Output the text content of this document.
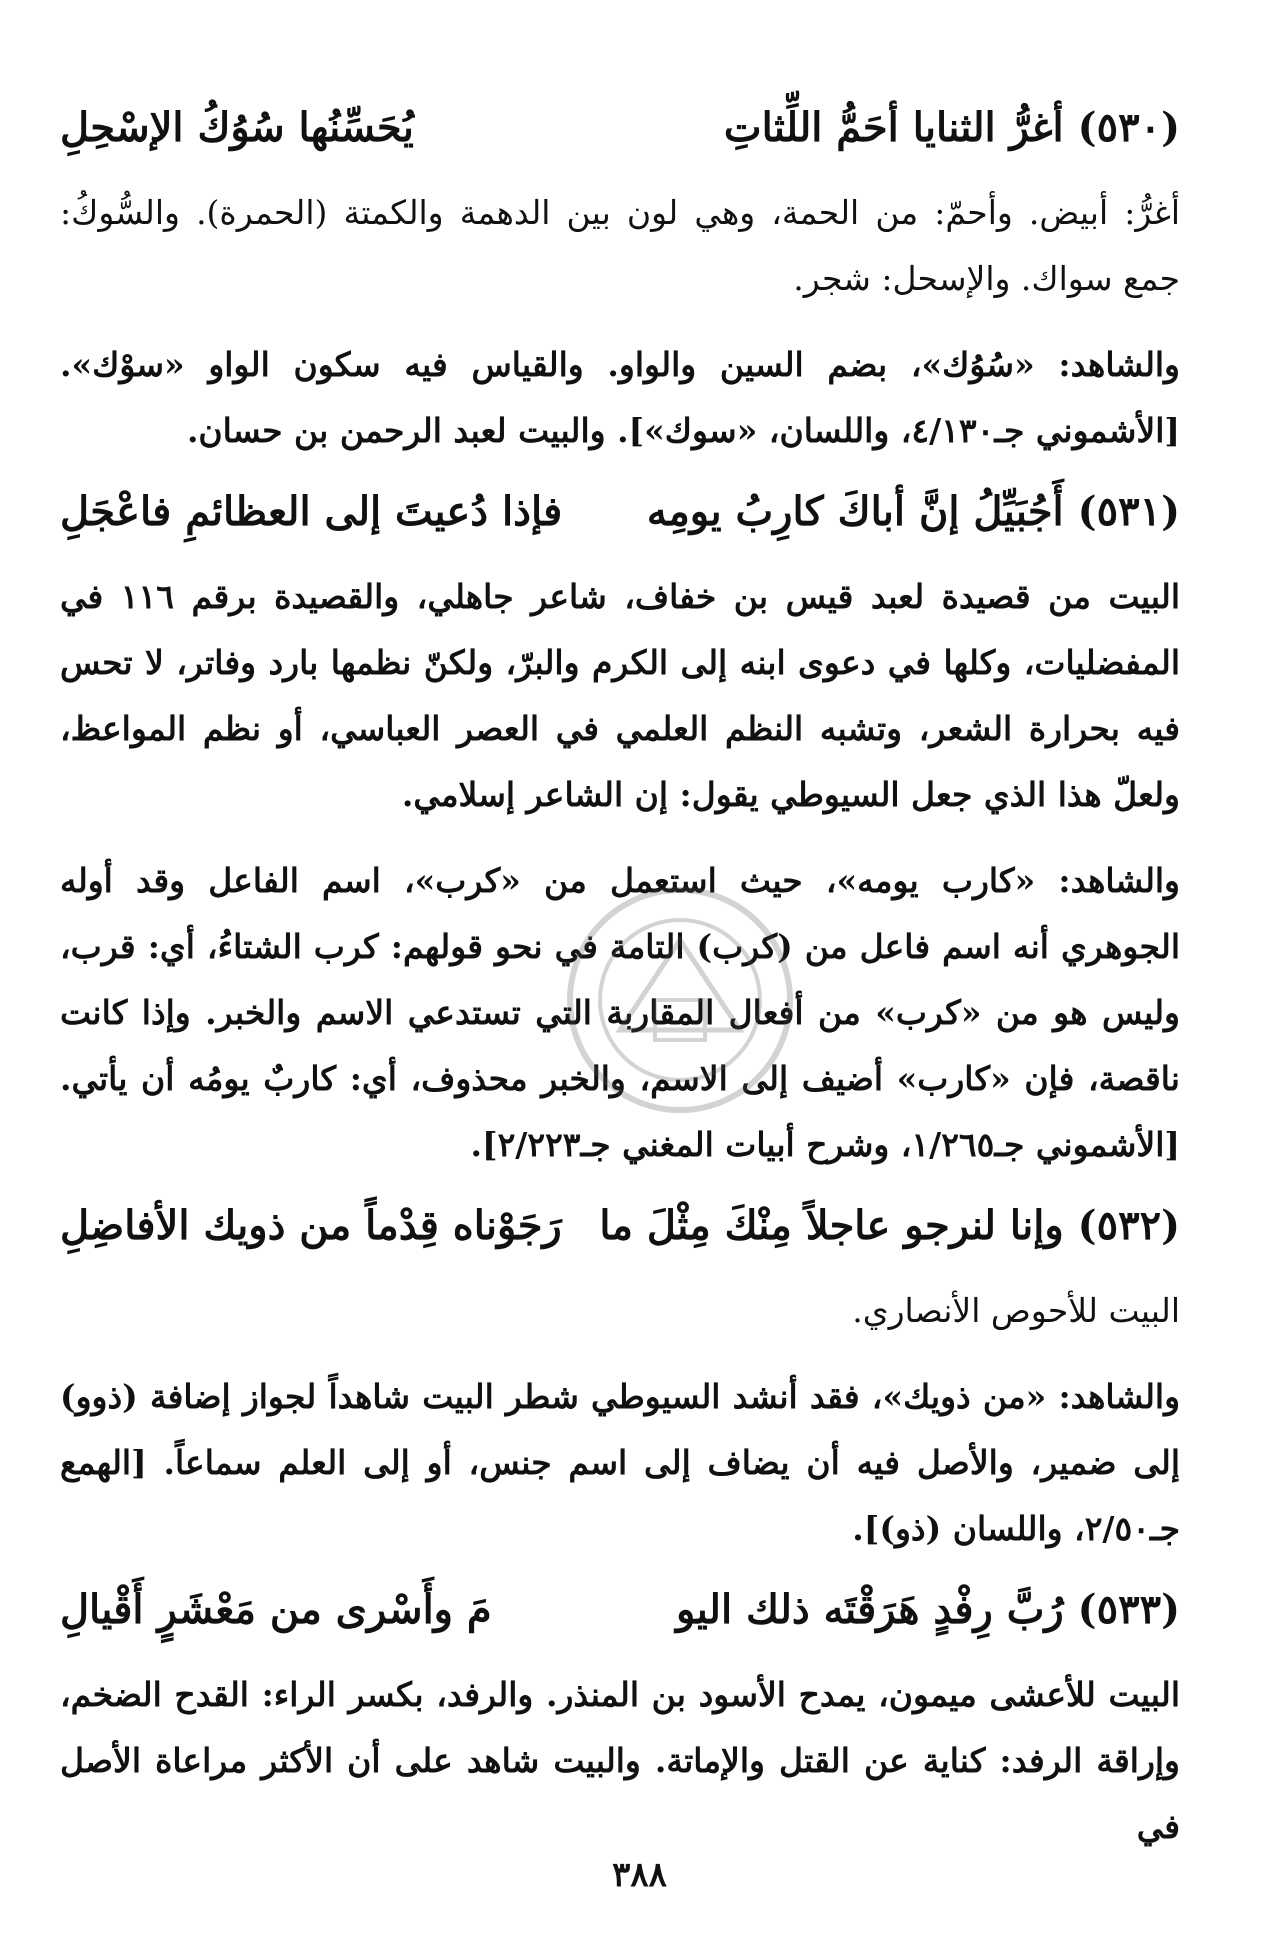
(٥٣٠)
أغرُّ الثنايا أحَمُّ اللِّثاتِ
يُحَسِّنُها سُوُكُ الإسْحِلِ

أغرُّ: أبيض. وأحمّ: من الحمة، وهي لون بين الدهمة والكمتة (الحمرة). والسُّوكُ: جمع سواك. والإسحل: شجر.

والشاهد: «سُوُك»، بضم السين والواو. والقياس فيه سكون الواو «سوْك». [الأشموني جـ٤/١٣٠، واللسان، «سوك»]. والبيت لعبد الرحمن بن حسان.

(٥٣١)
أَجُبَيِّلُ إنَّ أباكَ كارِبُ يومِه
فإذا دُعيتَ إلى العظائمِ فاعْجَلِ

البيت من قصيدة لعبد قيس بن خفاف، شاعر جاهلي، والقصيدة برقم ١١٦ في المفضليات، وكلها في دعوى ابنه إلى الكرم والبرّ، ولكنّ نظمها بارد وفاتر، لا تحس فيه بحرارة الشعر، وتشبه النظم العلمي في العصر العباسي، أو نظم المواعظ، ولعلّ هذا الذي جعل السيوطي يقول: إن الشاعر إسلامي.

والشاهد: «كارب يومه»، حيث استعمل من «كرب»، اسم الفاعل وقد أوله الجوهري أنه اسم فاعل من (كرب) التامة في نحو قولهم: كرب الشتاءُ، أي: قرب، وليس هو من «كرب» من أفعال المقاربة التي تستدعي الاسم والخبر. وإذا كانت ناقصة، فإن «كارب» أضيف إلى الاسم، والخبر محذوف، أي: كاربٌ يومُه أن يأتي. [الأشموني جـ١/٢٦٥، وشرح أبيات المغني جـ٢/٢٢٣].

(٥٣٢)
وإنا لنرجو عاجلاً مِنْكَ مِثْلَ ما
رَجَوْناه قِدْماً من ذويك الأفاضِلِ

البيت للأحوص الأنصاري.

والشاهد: «من ذويك»، فقد أنشد السيوطي شطر البيت شاهداً لجواز إضافة (ذوو) إلى ضمير، والأصل فيه أن يضاف إلى اسم جنس، أو إلى العلم سماعاً. [الهمع جـ٢/٥٠، واللسان (ذو)].

(٥٣٣)
رُبَّ رِفْدٍ هَرَقْتَه ذلك اليو
مَ وأَسْرى من مَعْشَرٍ أَقْيالِ

البيت للأعشى ميمون، يمدح الأسود بن المنذر. والرفد، بكسر الراء: القدح الضخم، وإراقة الرفد: كناية عن القتل والإماتة. والبيت شاهد على أن الأكثر مراعاة الأصل في

٣٨٨
